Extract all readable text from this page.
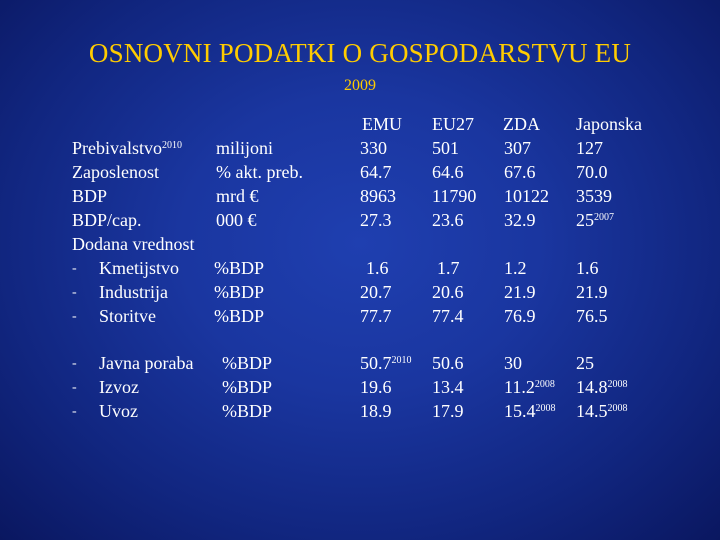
OSNOVNI PODATKI O GOSPODARSTVU EU
2009
EMU EU27 ZDA Japonska
Prebivalstvo$^{2010}$ milijoni	330	501	307	127
Zaposlenost	% akt. preb.	64.7 64.6 67.6 70.0
BDP	mrd €	8963 11790 10122 3539
BDP/cap.	000 €	27.3 23.6 32.9 $25^{2007}$
Dodana vrednost
- Kmetijstvo %BDP	1.6	1.7 1.2	1.6
- Industrija	%BDP	20.7 20.6 21.9 21.9
- Storitve	%BDP	77.7 77.4 76.9 76.5
- Javna poraba %BDP	$50.7^{2010}$ 50.6 30	25
- Izvoz	%BDP	19.6 13.4 $11.2^{2008}$ $14.8^{2008}$
- Uvoz	%BDP	18.9 17.9 $15.4^{2008}$ $14.5^{2008}$
